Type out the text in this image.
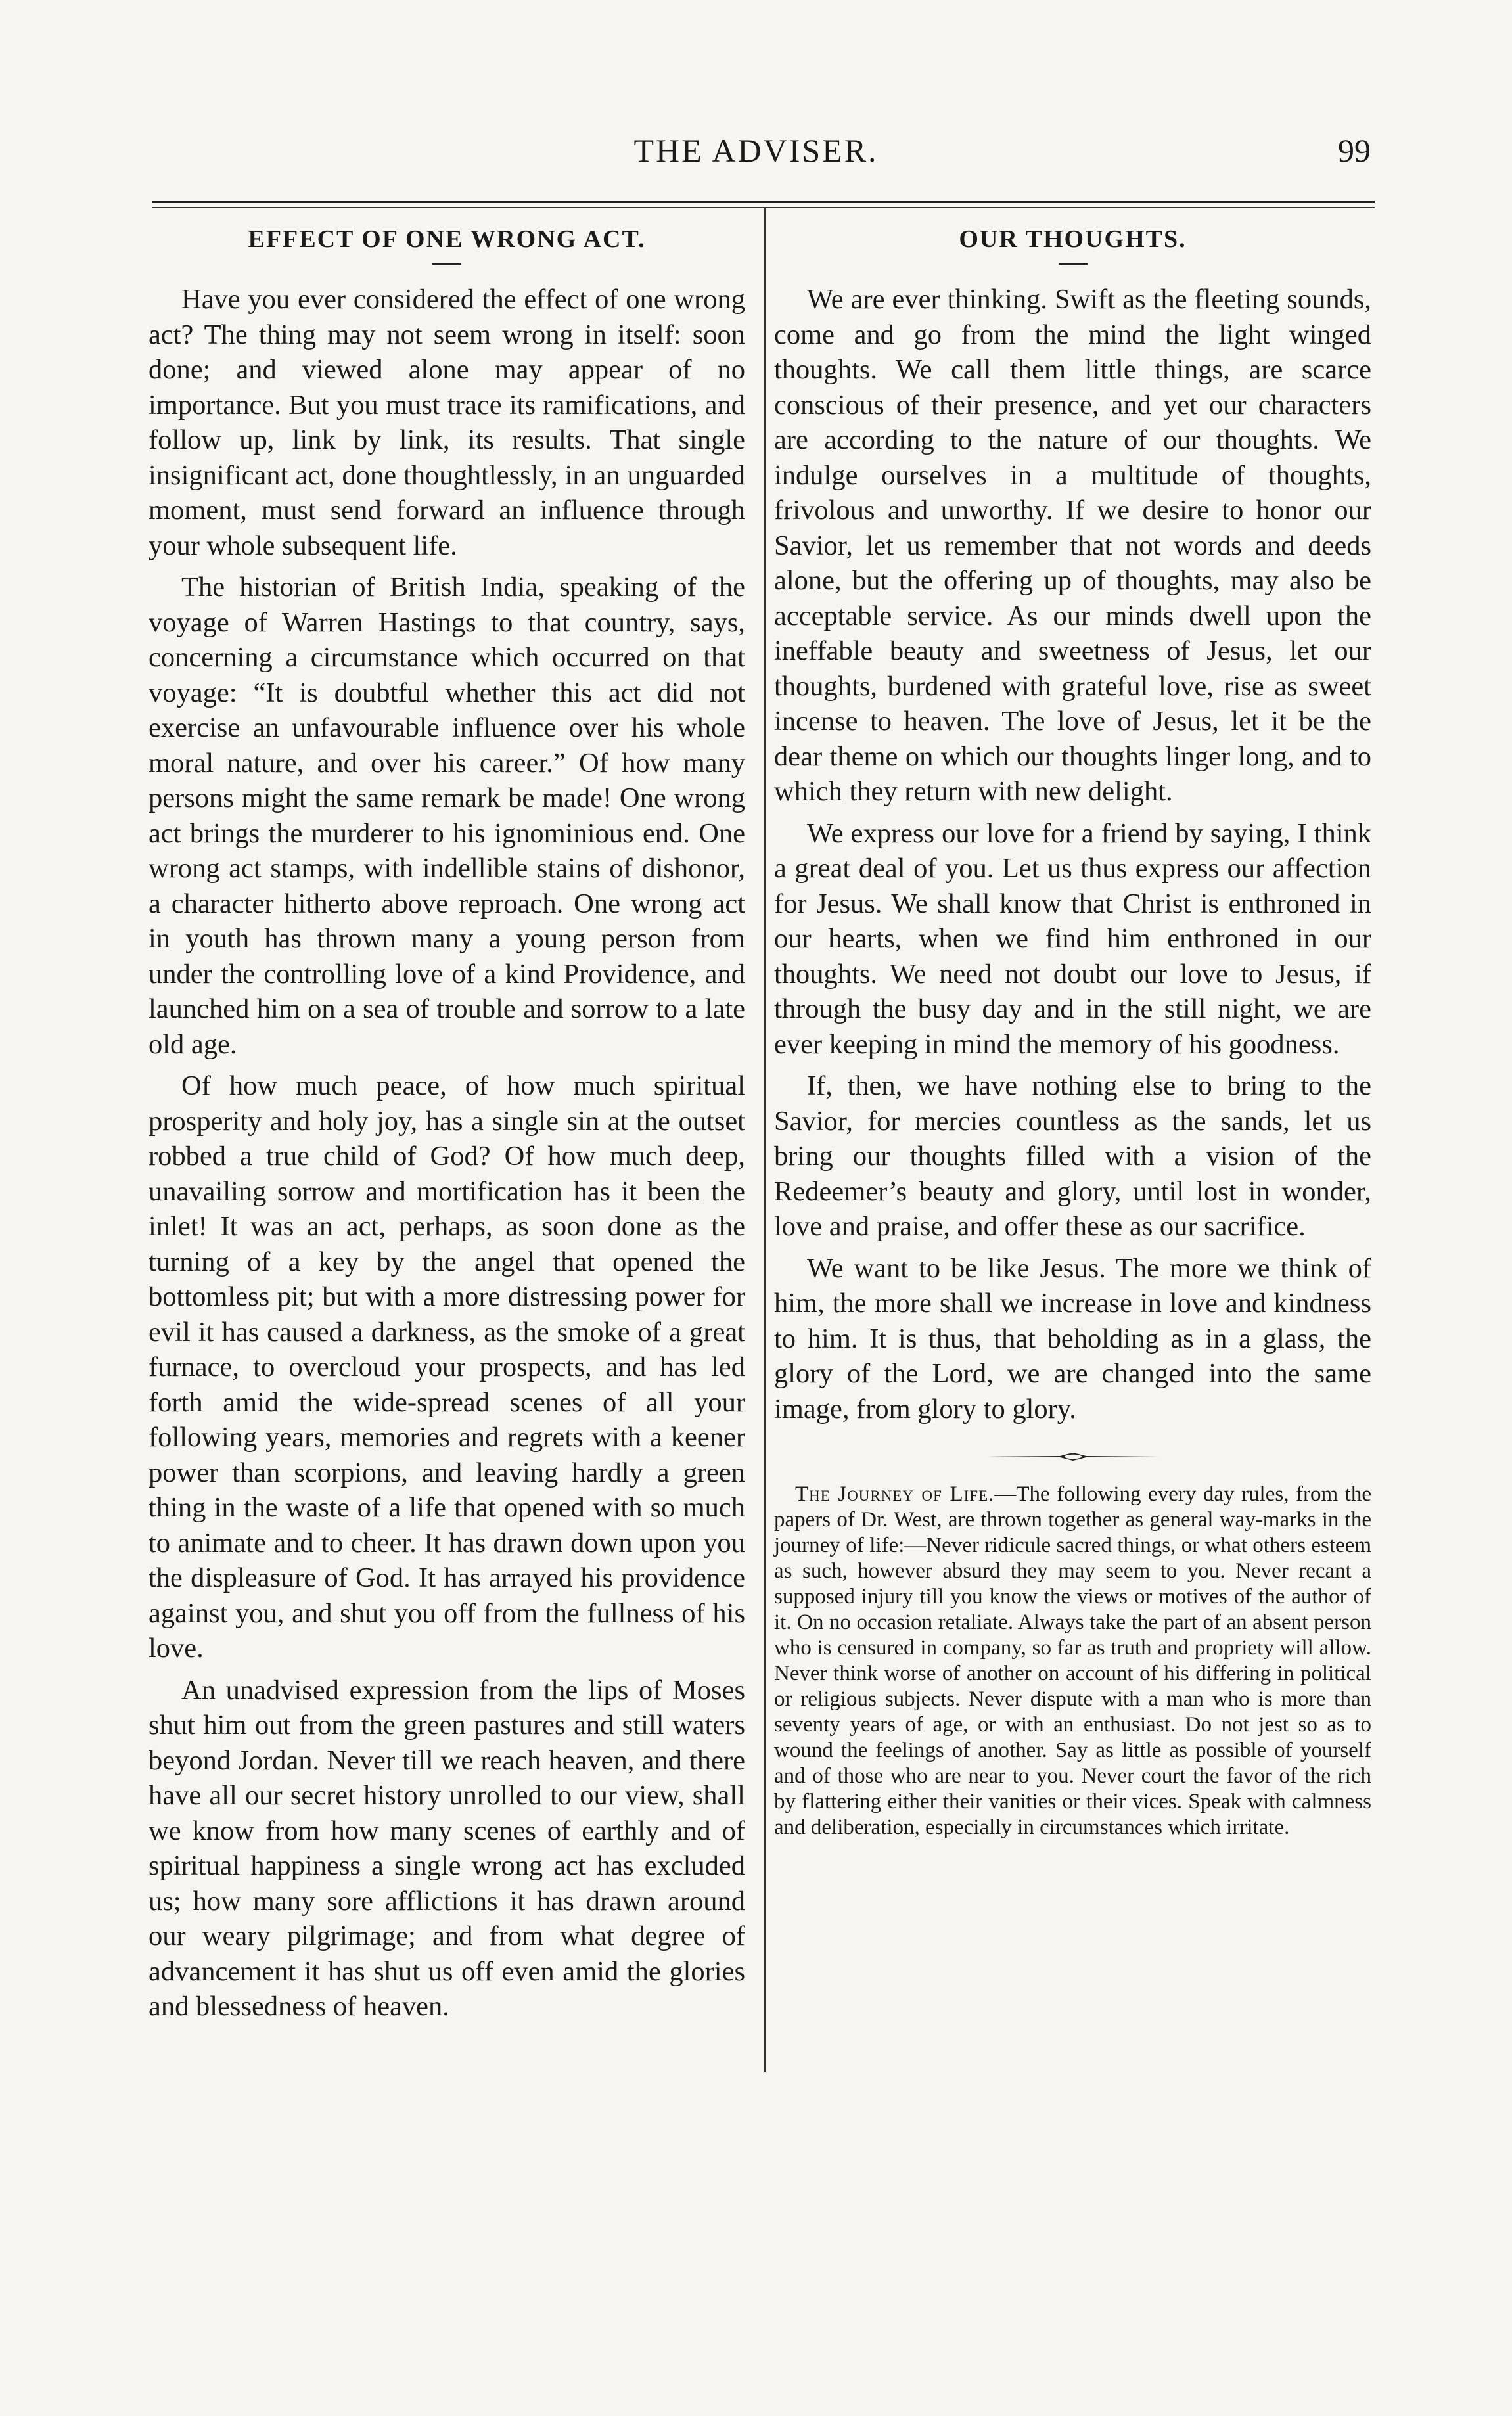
THE ADVISER.	99
EFFECT OF ONE WRONG ACT.

Have you ever considered the effect of one wrong act? The thing may not seem wrong in itself: soon done; and viewed alone may appear of no importance. But you must trace its ramifications, and follow up, link by link, its results. That single insignificant act, done thoughtlessly, in an unguarded moment, must send forward an influence through your whole subsequent life.

The historian of British India, speaking of the voyage of Warren Hastings to that country, says, concerning a circumstance which occurred on that voyage: “It is doubtful whether this act did not exercise an unfavourable influence over his whole moral nature, and over his career.” Of how many persons might the same remark be made! One wrong act brings the murderer to his ignominious end. One wrong act stamps, with indellible stains of dishonor, a character hitherto above reproach. One wrong act in youth has thrown many a young person from under the controlling love of a kind Providence, and launched him on a sea of trouble and sorrow to a late old age.

Of how much peace, of how much spiritual prosperity and holy joy, has a single sin at the outset robbed a true child of God? Of how much deep, unavailing sorrow and mortification has it been the inlet! It was an act, perhaps, as soon done as the turning of a key by the angel that opened the bottomless pit; but with a more distressing power for evil it has caused a darkness, as the smoke of a great furnace, to overcloud your prospects, and has led forth amid the wide-spread scenes of all your following years, memories and regrets with a keener power than scorpions, and leaving hardly a green thing in the waste of a life that opened with so much to animate and to cheer. It has drawn down upon you the displeasure of God. It has arrayed his providence against you, and shut you off from the fullness of his love.

An unadvised expression from the lips of Moses shut him out from the green pastures and still waters beyond Jordan. Never till we reach heaven, and there have all our secret history unrolled to our view, shall we know from how many scenes of earthly and of spiritual happiness a single wrong act has excluded us; how many sore afflictions it has drawn around our weary pilgrimage; and from what degree of advancement it has shut us off even amid the glories and blessedness of heaven.

OUR THOUGHTS.

We are ever thinking. Swift as the fleeting sounds, come and go from the mind the light winged thoughts. We call them little things, are scarce conscious of their presence, and yet our characters are according to the nature of our thoughts. We indulge ourselves in a multitude of thoughts, frivolous and unworthy. If we desire to honor our Savior, let us remember that not words and deeds alone, but the offering up of thoughts, may also be acceptable service. As our minds dwell upon the ineffable beauty and sweetness of Jesus, let our thoughts, burdened with grateful love, rise as sweet incense to heaven. The love of Jesus, let it be the dear theme on which our thoughts linger long, and to which they return with new delight.

We express our love for a friend by saying, I think a great deal of you. Let us thus express our affection for Jesus. We shall know that Christ is enthroned in our hearts, when we find him enthroned in our thoughts. We need not doubt our love to Jesus, if through the busy day and in the still night, we are ever keeping in mind the memory of his goodness.

If, then, we have nothing else to bring to the Savior, for mercies countless as the sands, let us bring our thoughts filled with a vision of the Redeemer’s beauty and glory, until lost in wonder, love and praise, and offer these as our sacrifice.

We want to be like Jesus. The more we think of him, the more shall we increase in love and kindness to him. It is thus, that beholding as in a glass, the glory of the Lord, we are changed into the same image, from glory to glory.

The Journey of Life.—The following every day rules, from the papers of Dr. West, are thrown together as general way-marks in the journey of life:—Never ridicule sacred things, or what others esteem as such, however absurd they may seem to you. Never recant a supposed injury till you know the views or motives of the author of it. On no occasion retaliate. Always take the part of an absent person who is censured in company, so far as truth and propriety will allow. Never think worse of another on account of his differing in political or religious subjects. Never dispute with a man who is more than seventy years of age, or with an enthusiast. Do not jest so as to wound the feelings of another. Say as little as possible of yourself and of those who are near to you. Never court the favor of the rich by flattering either their vanities or their vices. Speak with calmness and deliberation, especially in circumstances which irritate.
